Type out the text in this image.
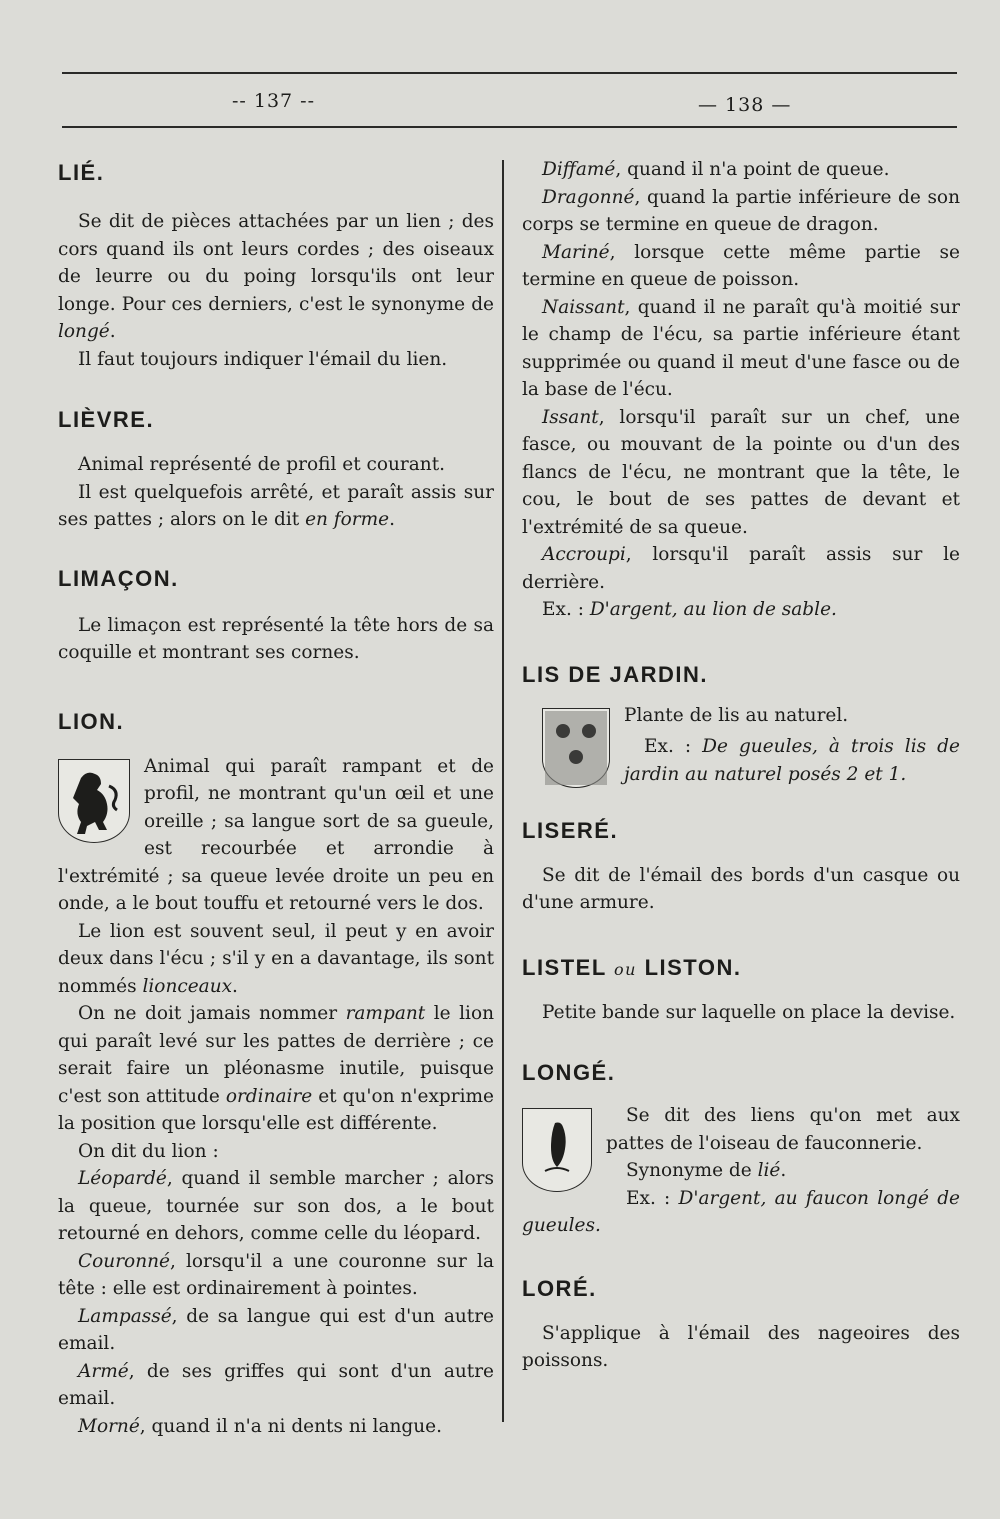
-- 137 --	— 138 —
LIÉ.

Se dit de pièces attachées par un lien ; des cors quand ils ont leurs cordes ; des oiseaux de leurre ou du poing lorsqu'ils ont leur longe. Pour ces derniers, c'est le synonyme de longé.

Il faut toujours indiquer l'émail du lien.

LIÈVRE.

Animal représenté de profil et courant.

Il est quelquefois arrêté, et paraît assis sur ses pattes ; alors on le dit en forme.

LIMAÇON.

Le limaçon est représenté la tête hors de sa coquille et montrant ses cornes.

LION.

Animal qui paraît rampant et de profil, ne montrant qu'un œil et une oreille ; sa langue sort de sa gueule, est recourbée et arrondie à l'extrémité ; sa queue levée droite un peu en onde, a le bout touffu et retourné vers le dos.

Le lion est souvent seul, il peut y en avoir deux dans l'écu ; s'il y en a davantage, ils sont nommés lionceaux.

On ne doit jamais nommer rampant le lion qui paraît levé sur les pattes de derrière ; ce serait faire un pléonasme inutile, puisque c'est son attitude ordinaire et qu'on n'exprime la position que lorsqu'elle est différente.

On dit du lion :

Léopardé, quand il semble marcher ; alors la queue, tournée sur son dos, a le bout retourné en dehors, comme celle du léopard.

Couronné, lorsqu'il a une couronne sur la tête : elle est ordinairement à pointes.

Lampassé, de sa langue qui est d'un autre email.

Armé, de ses griffes qui sont d'un autre email.

Morné, quand il n'a ni dents ni langue.

Diffamé, quand il n'a point de queue.

Dragonné, quand la partie inférieure de son corps se termine en queue de dragon.

Mariné, lorsque cette même partie se termine en queue de poisson.

Naissant, quand il ne paraît qu'à moitié sur le champ de l'écu, sa partie inférieure étant supprimée ou quand il meut d'une fasce ou de la base de l'écu.

Issant, lorsqu'il paraît sur un chef, une fasce, ou mouvant de la pointe ou d'un des flancs de l'écu, ne montrant que la tête, le cou, le bout de ses pattes de devant et l'extrémité de sa queue.

Accroupi, lorsqu'il paraît assis sur le derrière.

Ex. : D'argent, au lion de sable.

LIS DE JARDIN.

Plante de lis au naturel.

Ex. : De gueules, à trois lis de jardin au naturel posés 2 et 1.

LISERÉ.

Se dit de l'émail des bords d'un casque ou d'une armure.

LISTEL ou LISTON.

Petite bande sur laquelle on place la devise.

LONGÉ.

Se dit des liens qu'on met aux pattes de l'oiseau de fauconnerie.

Synonyme de lié.

Ex. : D'argent, au faucon longé de gueules.

LORÉ.

S'applique à l'émail des nageoires des poissons.
